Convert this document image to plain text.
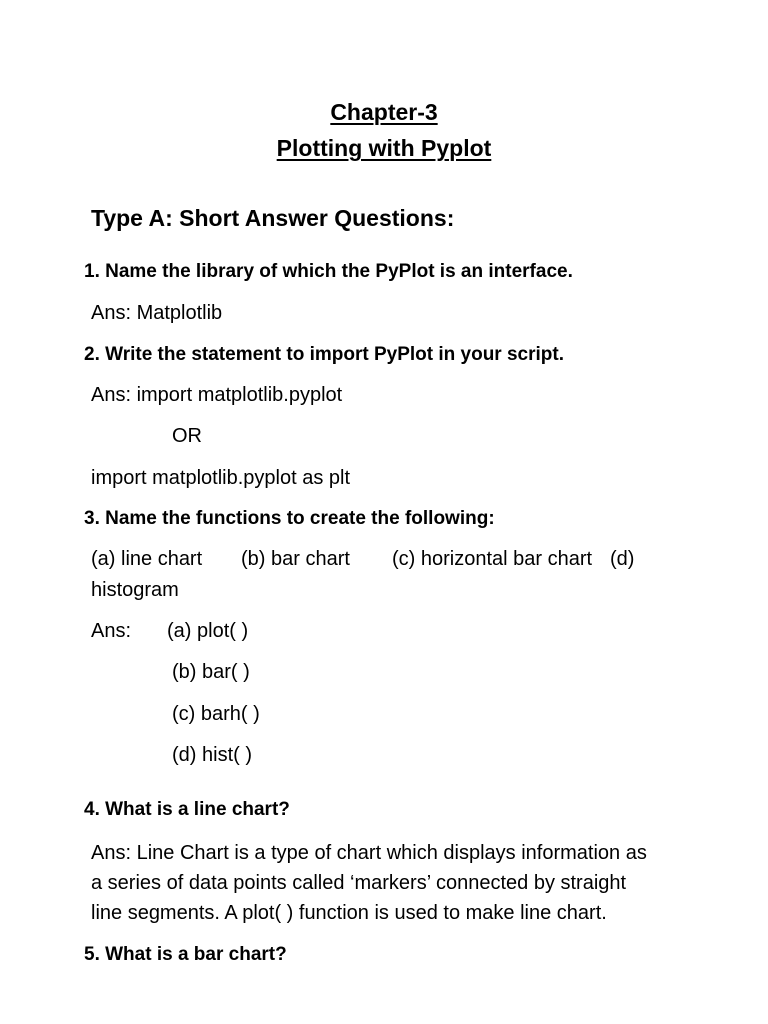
Chapter-3
Plotting with Pyplot
Type A: Short Answer Questions:
1. Name the library of which the PyPlot is an interface.
Ans: Matplotlib
2. Write the statement to import PyPlot in your script.
Ans: import matplotlib.pyplot
OR
import matplotlib.pyplot as plt
3. Name the functions to create the following:
(a) line chart (b) bar chart (c) horizontal bar chart (d)
histogram
Ans: (a) plot( )
(b) bar( )
(c) barh( )
(d) hist( )
4. What is a line chart?
Ans: Line Chart is a type of chart which displays information as
a series of data points called ‘markers’ connected by straight
line segments. A plot( ) function is used to make line chart.
5. What is a bar chart?
